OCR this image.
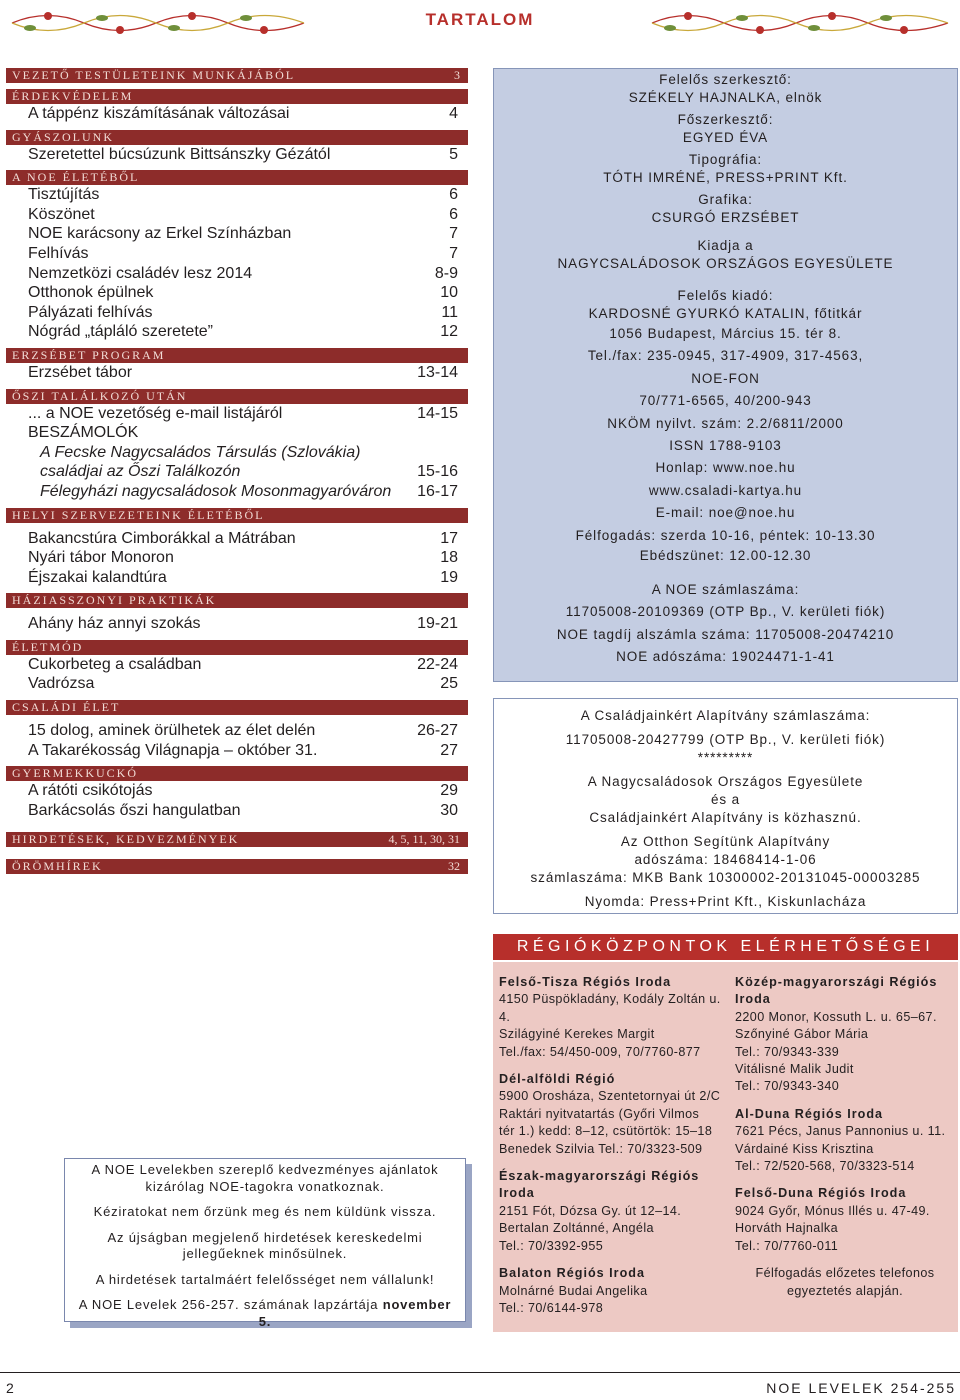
TARTALOM
VEZETŐ TESTÜLETEINK MUNKÁJÁBÓL	3
ÉRDEKVÉDELEM
A táppénz kiszámításának változásai	4
GYÁSZOLUNK
Szeretettel búcsúzunk Bittsánszky Gézától	5
A NOE ÉLETÉBŐL
Tisztújítás	6
Köszönet	6
NOE karácsony az Erkel Színházban	7
Felhívás	7
Nemzetközi családév lesz 2014	8-9
Otthonok épülnek	10
Pályázati felhívás	11
Nógrád „tápláló szeretete”	12
ERZSÉBET PROGRAM
Erzsébet tábor	13-14
ŐSZI TALÁLKOZÓ UTÁN
... a NOE vezetőség e-mail listájáról	14-15
BESZÁMOLÓK
A Fecske Nagycsaládos Társulás (Szlovákia)
családjai az Őszi Találkozón	15-16
Félegyházi nagycsaládosok Mosonmagyaróváron 16-17
HELYI SZERVEZETEINK ÉLETÉBŐL
Bakancstúra Cimborákkal a Mátrában	17
Nyári tábor Monoron	18
Éjszakai kalandtúra	19
HÁZIASSZONYI PRAKTIKÁK
Ahány ház annyi szokás	19-21
ÉLETMÓD
Cukorbeteg a családban	22-24
Vadrózsa	25
CSALÁDI ÉLET
15 dolog, aminek örülhetek az élet delén	26-27
A Takarékosság Világnapja – október 31.	27
GYERMEKKUCKÓ
A rátóti csikótojás	29
Barkácsolás őszi hangulatban	30
HIRDETÉSEK, KEDVEZMÉNYEK	4, 5, 11, 30, 31
ÖRÖMHÍREK	32
Felelős szerkesztő:
SZÉKELY HAJNALKA, elnök
Főszerkesztő:
EGYED ÉVA
Tipográfia:
TÓTH IMRÉNÉ, PRESS+PRINT Kft.
Grafika:
CSURGÓ ERZSÉBET
Kiadja a
NAGYCSALÁDOSOK ORSZÁGOS EGYESÜLETE
Felelős kiadó:
KARDOSNÉ GYURKÓ KATALIN, főtitkár
1056 Budapest, Március 15. tér 8.
Tel./fax: 235-0945, 317-4909, 317-4563,
NOE-FON
70/771-6565, 40/200-943
NKÖM nyilvt. szám: 2.2/6811/2000
ISSN 1788-9103
Honlap: www.noe.hu
www.csaladi-kartya.hu
E-mail: noe@noe.hu
Félfogadás: szerda 10-16, péntek: 10-13.30
Ebédszünet: 12.00-12.30
A NOE számlaszáma:
11705008-20109369 (OTP Bp., V. kerületi fiók)
NOE tagdíj alszámla száma: 11705008-20474210
NOE adószáma: 19024471-1-41
A Családjainkért Alapítvány számlaszáma:
11705008-20427799 (OTP Bp., V. kerületi fiók)
*********
A Nagycsaládosok Országos Egyesülete
és a
Családjainkért Alapítvány is közhasznú.
Az Otthon Segítünk Alapítvány
adószáma: 18468414-1-06
számlaszáma: MKB Bank 10300002-20131045-00003285
Nyomda: Press+Print Kft., Kiskunlacháza
RÉGIÓKÖZPONTOK ELÉRHETŐSÉGEI
Felső-Tisza Régiós Iroda
4150 Püspökladány, Kodály Zoltán u. 4.
Szilágyiné Kerekes Margit
Tel./fax: 54/450-009, 70/7760-877
Dél-alföldi Régió
5900 Orosháza, Szentetornyai út 2/C
Raktári nyitvatartás (Győri Vilmos
tér 1.) kedd: 8–12, csütörtök: 15–18
Benedek Szilvia Tel.: 70/3323-509
Észak-magyarországi Régiós Iroda
2151 Fót, Dózsa Gy. út 12–14.
Bertalan Zoltánné, Angéla
Tel.: 70/3392-955
Balaton Régiós Iroda
Molnárné Budai Angelika
Tel.: 70/6144-978
Közép-magyarországi Régiós Iroda
2200 Monor, Kossuth L. u. 65–67.
Szőnyiné Gábor Mária
Tel.: 70/9343-339
Vitálisné Malik Judit
Tel.: 70/9343-340
Al-Duna Régiós Iroda
7621 Pécs, Janus Pannonius u. 11.
Várdainé Kiss Krisztina
Tel.: 72/520-568, 70/3323-514
Felső-Duna Régiós Iroda
9024 Győr, Mónus Illés u. 47-49.
Horváth Hajnalka
Tel.: 70/7760-011
Félfogadás előzetes telefonos egyeztetés alapján.
A NOE Levelekben szereplő kedvezményes ajánlatok kizárólag NOE-tagokra vonatkoznak.
Kéziratokat nem őrzünk meg és nem küldünk vissza.
Az újságban megjelenő hirdetések kereskedelmi jellegűeknek minősülnek.
A hirdetések tartalmáért felelősséget nem vállalunk!
A NOE Levelek 256-257. számának lapzártája november 5.
2	NOE LEVELEK 254-255
